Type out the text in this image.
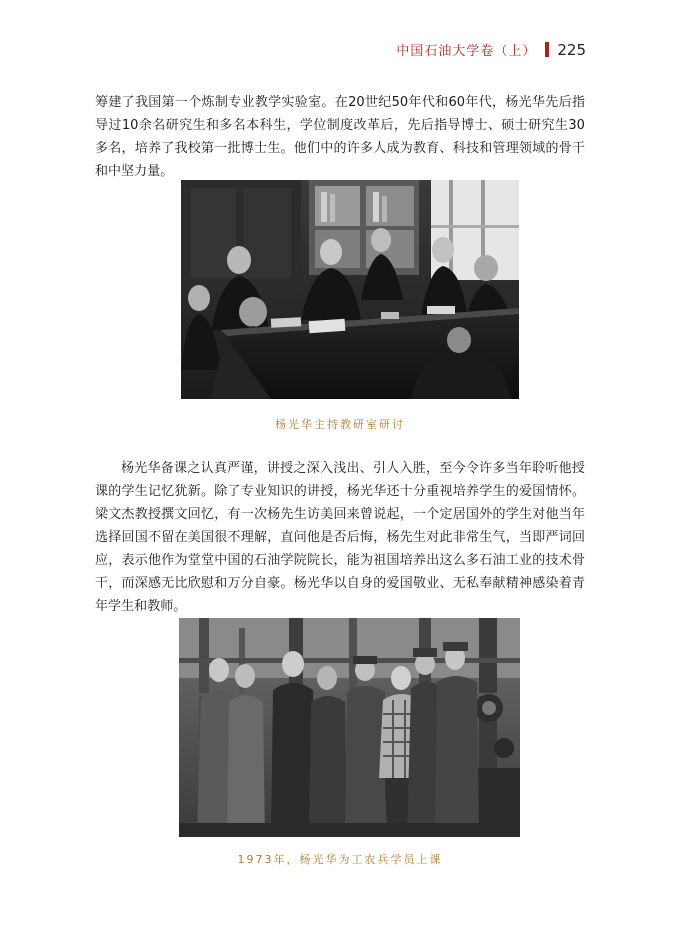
中国石油大学卷（上） 225

筹建了我国第一个炼制专业教学实验室。在20世纪50年代和60年代，杨光华先后指导过10余名研究生和多名本科生，学位制度改革后，先后指导博士、硕士研究生30多名，培养了我校第一批博士生。他们中的许多人成为教育、科技和管理领域的骨干和中坚力量。

杨光华主持教研室研讨

杨光华备课之认真严谨，讲授之深入浅出、引人入胜，至今令许多当年聆听他授课的学生记忆犹新。除了专业知识的讲授，杨光华还十分重视培养学生的爱国情怀。梁文杰教授撰文回忆，有一次杨先生访美回来曾说起，一个定居国外的学生对他当年选择回国不留在美国很不理解，直问他是否后悔，杨先生对此非常生气，当即严词回应，表示他作为堂堂中国的石油学院院长，能为祖国培养出这么多石油工业的技术骨干，而深感无比欣慰和万分自豪。杨光华以自身的爱国敬业、无私奉献精神感染着青年学生和教师。

1973年，杨光华为工农兵学员上课
